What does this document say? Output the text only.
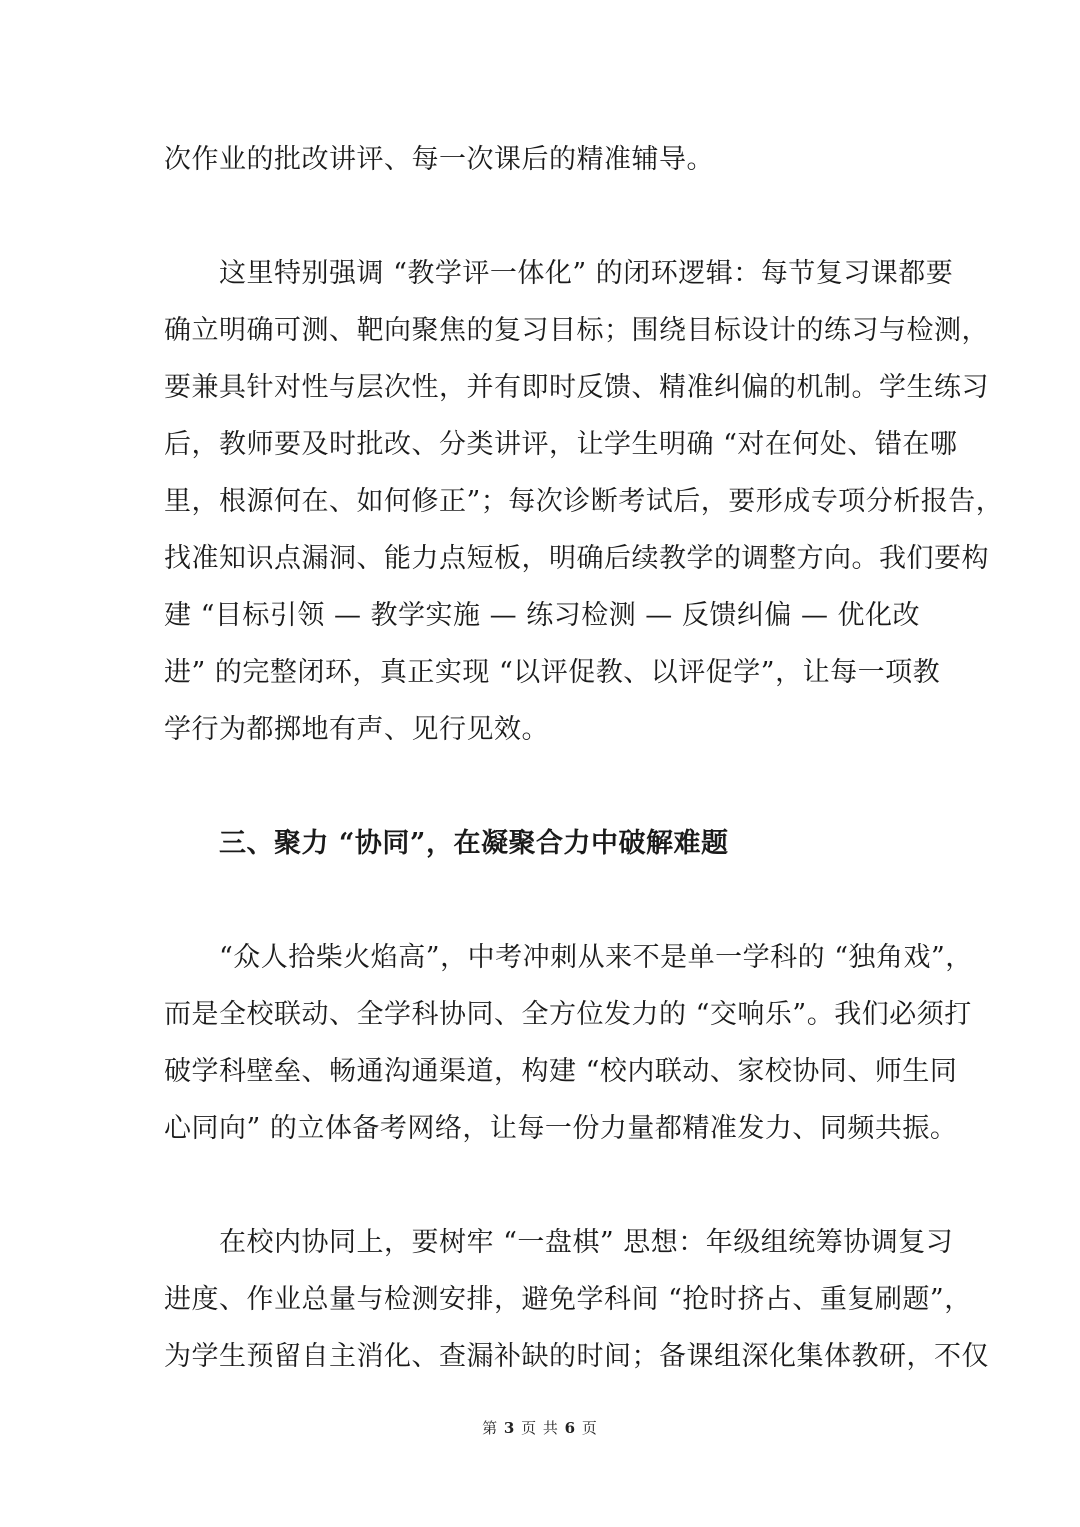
次作业的批改讲评、每一次课后的精准辅导。
　　这里特别强调 “教学评一体化” 的闭环逻辑：每节复习课都要
确立明确可测、靶向聚焦的复习目标；围绕目标设计的练习与检测，
要兼具针对性与层次性，并有即时反馈、精准纠偏的机制。学生练习
后，教师要及时批改、分类讲评，让学生明确 “对在何处、错在哪
里，根源何在、如何修正”；每次诊断考试后，要形成专项分析报告，
找准知识点漏洞、能力点短板，明确后续教学的调整方向。我们要构
建 “目标引领 — 教学实施 — 练习检测 — 反馈纠偏 — 优化改
进” 的完整闭环，真正实现 “以评促教、以评促学”，让每一项教
学行为都掷地有声、见行见效。
　　三、聚力 “协同”，在凝聚合力中破解难题
　　“众人拾柴火焰高”，中考冲刺从来不是单一学科的 “独角戏”，
而是全校联动、全学科协同、全方位发力的 “交响乐”。我们必须打
破学科壁垒、畅通沟通渠道，构建 “校内联动、家校协同、师生同
心同向” 的立体备考网络，让每一份力量都精准发力、同频共振。
　　在校内协同上，要树牢 “一盘棋” 思想：年级组统筹协调复习
进度、作业总量与检测安排，避免学科间 “抢时挤占、重复刷题”，
为学生预留自主消化、查漏补缺的时间；备课组深化集体教研，不仅
第 3 页 共 6 页
